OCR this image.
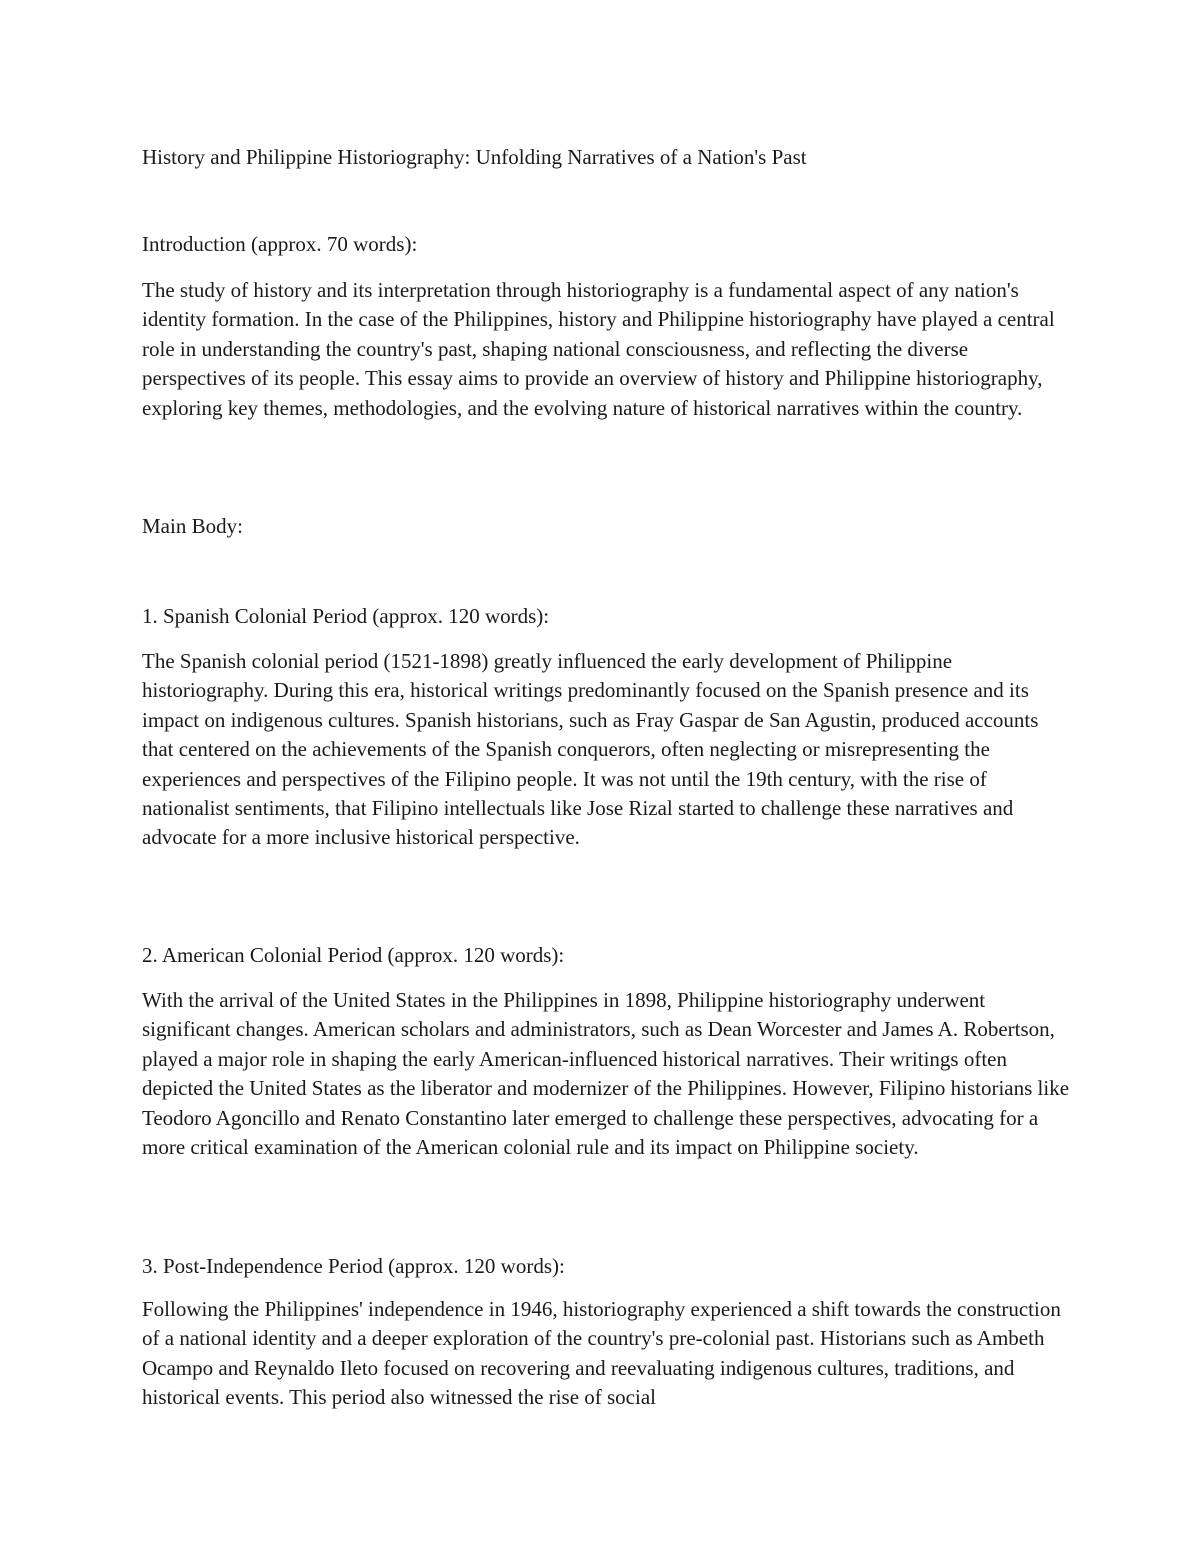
History and Philippine Historiography: Unfolding Narratives of a Nation's Past
Introduction (approx. 70 words):

The study of history and its interpretation through historiography is a fundamental aspect of any nation's identity formation. In the case of the Philippines, history and Philippine historiography have played a central role in understanding the country's past, shaping national consciousness, and reflecting the diverse perspectives of its people. This essay aims to provide an overview of history and Philippine historiography, exploring key themes, methodologies, and the evolving nature of historical narratives within the country.

Main Body:
1. Spanish Colonial Period (approx. 120 words):

The Spanish colonial period (1521-1898) greatly influenced the early development of Philippine historiography. During this era, historical writings predominantly focused on the Spanish presence and its impact on indigenous cultures. Spanish historians, such as Fray Gaspar de San Agustin, produced accounts that centered on the achievements of the Spanish conquerors, often neglecting or misrepresenting the experiences and perspectives of the Filipino people. It was not until the 19th century, with the rise of nationalist sentiments, that Filipino intellectuals like Jose Rizal started to challenge these narratives and advocate for a more inclusive historical perspective.

2. American Colonial Period (approx. 120 words):

With the arrival of the United States in the Philippines in 1898, Philippine historiography underwent significant changes. American scholars and administrators, such as Dean Worcester and James A. Robertson, played a major role in shaping the early American-influenced historical narratives. Their writings often depicted the United States as the liberator and modernizer of the Philippines. However, Filipino historians like Teodoro Agoncillo and Renato Constantino later emerged to challenge these perspectives, advocating for a more critical examination of the American colonial rule and its impact on Philippine society.

3. Post-Independence Period (approx. 120 words):

Following the Philippines' independence in 1946, historiography experienced a shift towards the construction of a national identity and a deeper exploration of the country's pre-colonial past. Historians such as Ambeth Ocampo and Reynaldo Ileto focused on recovering and reevaluating indigenous cultures, traditions, and historical events. This period also witnessed the rise of social
